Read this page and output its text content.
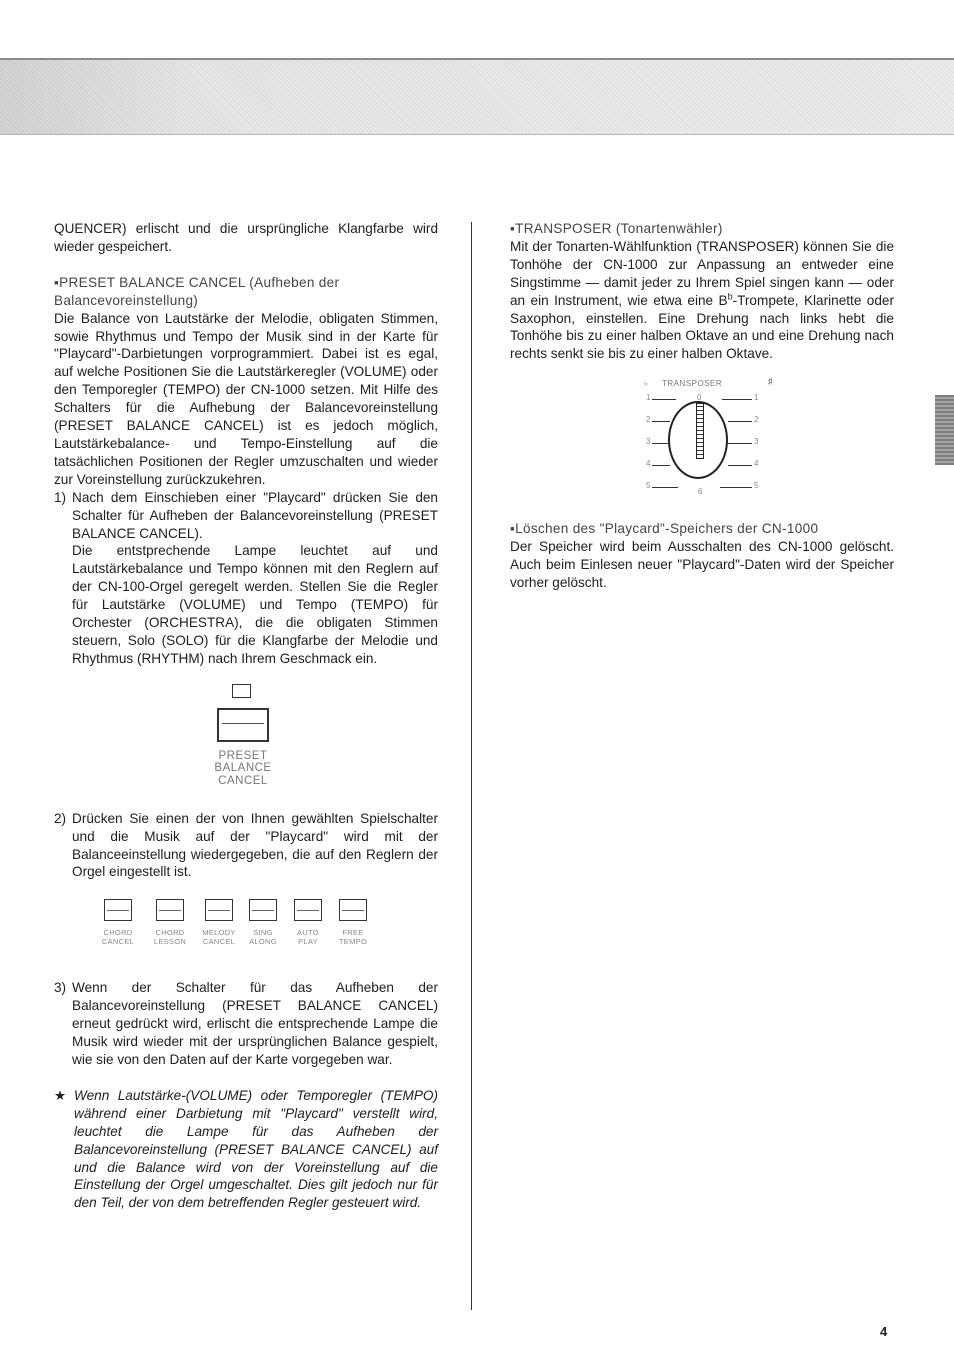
QUENCER) erlischt und die ursprüngliche Klangfarbe wird wieder gespeichert.

▪PRESET BALANCE CANCEL (Aufheben der Balancevoreinstellung)

Die Balance von Lautstärke der Melodie, obligaten Stimmen, sowie Rhythmus und Tempo der Musik sind in der Karte für "Playcard"-Darbietungen vorprogrammiert. Dabei ist es egal, auf welche Positionen Sie die Lautstärkeregler (VOLUME) oder den Temporegler (TEMPO) der CN-1000 setzen. Mit Hilfe des Schalters für die Aufhebung der Balancevoreinstellung (PRESET BALANCE CANCEL) ist es jedoch möglich, Lautstärkebalance- und Tempo-Einstellung auf die tatsächlichen Positionen der Regler umzuschalten und wieder zur Voreinstellung zurückzukehren.

1) Nach dem Einschieben einer "Playcard" drücken Sie den Schalter für Aufheben der Balancevoreinstellung (PRESET BALANCE CANCEL).

Die entstprechende Lampe leuchtet auf und Lautstärkebalance und Tempo können mit den Reglern auf der CN-100-Orgel geregelt werden. Stellen Sie die Regler für Lautstärke (VOLUME) und Tempo (TEMPO) für Orchester (ORCHESTRA), die die obligaten Stimmen steuern, Solo (SOLO) für die Klangfarbe der Melodie und Rhythmus (RHYTHM) nach Ihrem Geschmack ein.

PRESET
BALANCE
CANCEL
2) Drücken Sie einen der von Ihnen gewählten Spielschalter und die Musik auf der "Playcard" wird mit der Balanceeinstellung wiedergegeben, die auf den Reglern der Orgel eingestellt ist.

CHORD
CANCEL
CHORD
LESSON
MELODY
CANCEL
SING
ALONG
AUTO
PLAY
FREE
TEMPO
3) Wenn der Schalter für das Aufheben der Balancevoreinstellung (PRESET BALANCE CANCEL) erneut gedrückt wird, erlischt die entsprechende Lampe die Musik wird wieder mit der ursprünglichen Balance gespielt, wie sie von den Daten auf der Karte vorgegeben war.

★ Wenn Lautstärke-(VOLUME) oder Temporegler (TEMPO) während einer Darbietung mit "Playcard" verstellt wird, leuchtet die Lampe für das Aufheben der Balancevoreinstellung (PRESET BALANCE CANCEL) auf und die Balance wird von der Voreinstellung auf die Einstellung der Orgel umgeschaltet. Dies gilt jedoch nur für den Teil, der von dem betreffenden Regler gesteuert wird.

▪TRANSPOSER (Tonartenwähler)

Mit der Tonarten-Wählfunktion (TRANSPOSER) können Sie die Tonhöhe der CN-1000 zur Anpassung an entweder eine Singstimme — damit jeder zu Ihrem Spiel singen kann — oder an ein Instrument, wie etwa eine $B^b$-Trompete, Klarinette oder Saxophon, einstellen. Eine Drehung nach links hebt die Tonhöhe bis zu einer halben Oktave an und eine Drehung nach rechts senkt sie bis zu einer halben Oktave.

♭ TRANSPOSER	♯
0
1
2
3
4
5
1
2
3
4
5
6

▪Löschen des "Playcard"-Speichers der CN-1000

Der Speicher wird beim Ausschalten des CN-1000 gelöscht. Auch beim Einlesen neuer "Playcard"-Daten wird der Speicher vorher gelöscht.

4
